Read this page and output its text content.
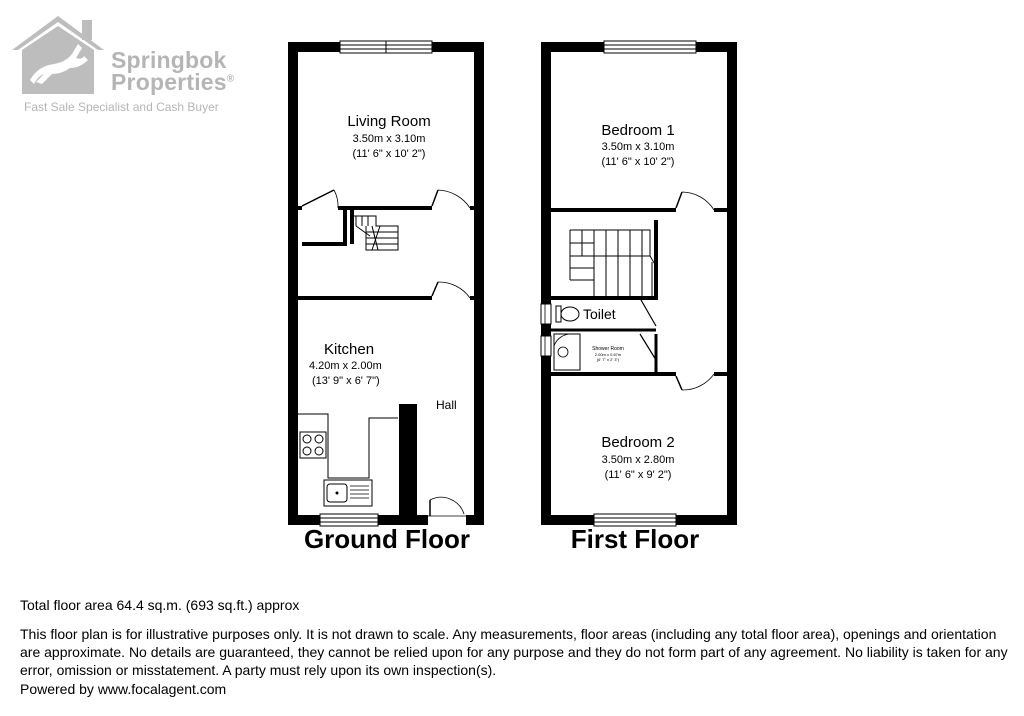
Springbok
Properties®
Fast Sale Specialist and Cash Buyer
Living Room
3.50m x 3.10m
(11' 6" x 10' 2")
Kitchen
4.20m x 2.00m
(13' 9" x 6' 7")
Hall
Ground Floor
Bedroom 1
3.50m x 3.10m
(11' 6" x 10' 2")
Toilet
Shower Room
2.00m x 0.67m
(6' 7" x 2' 3")
Bedroom 2
3.50m x 2.80m
(11' 6" x 9' 2")
First Floor
Total floor area 64.4 sq.m. (693 sq.ft.) approx
This floor plan is for illustrative purposes only. It is not drawn to scale. Any measurements, floor areas (including any total floor area), openings and orientation are approximate. No details are guaranteed, they cannot be relied upon for any purpose and they do not form part of any agreement. No liability is taken for any error, omission or misstatement. A party must rely upon its own inspection(s).
Powered by www.focalagent.com
